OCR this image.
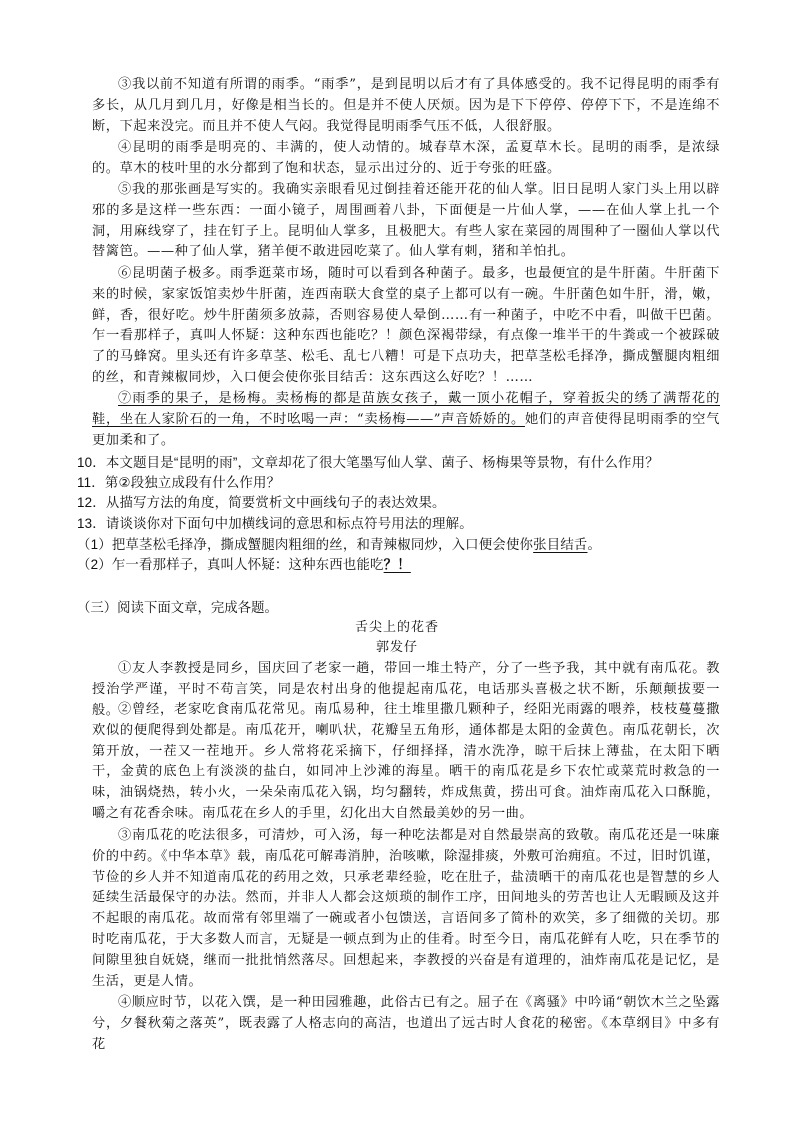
③我以前不知道有所谓的雨季。“雨季”，是到昆明以后才有了具体感受的。我不记得昆明的雨季有多长，从几月到几月，好像是相当长的。但是并不使人厌烦。因为是下下停停、停停下下，不是连绵不断，下起来没完。而且并不使人气闷。我觉得昆明雨季气压不低，人很舒服。
④昆明的雨季是明亮的、丰满的，使人动情的。城春草木深，孟夏草木长。昆明的雨季，是浓绿的。草木的枝叶里的水分都到了饱和状态，显示出过分的、近于夸张的旺盛。
⑤我的那张画是写实的。我确实亲眼看见过倒挂着还能开花的仙人掌。旧日昆明人家门头上用以辟邪的多是这样一些东西：一面小镜子，周围画着八卦，下面便是一片仙人掌，——在仙人掌上扎一个洞，用麻线穿了，挂在钉子上。昆明仙人掌多，且极肥大。有些人家在菜园的周围种了一圈仙人掌以代替篱笆。——种了仙人掌，猪羊便不敢进园吃菜了。仙人掌有刺，猪和羊怕扎。
⑥昆明菌子极多。雨季逛菜市场，随时可以看到各种菌子。最多，也最便宜的是牛肝菌。牛肝菌下来的时候，家家饭馆卖炒牛肝菌，连西南联大食堂的桌子上都可以有一碗。牛肝菌色如牛肝，滑，嫩，鲜，香，很好吃。炒牛肝菌须多放蒜，否则容易使人晕倒……有一种菌子，中吃不中看，叫做干巴菌。乍一看那样子，真叫人怀疑：这种东西也能吃？！颜色深褐带绿，有点像一堆半干的牛粪或一个被踩破了的马蜂窝。里头还有许多草茎、松毛、乱七八糟！可是下点功夫，把草茎松毛择净，撕成蟹腿肉粗细的丝，和青辣椒同炒，入口便会使你张目结舌：这东西这么好吃？！……
⑦雨季的果子，是杨梅。卖杨梅的都是苗族女孩子，戴一顶小花帽子，穿着扳尖的绣了满帮花的鞋，坐在人家阶石的一角，不时吆喝一声：“卖杨梅——”声音娇娇的。她们的声音使得昆明雨季的空气更加柔和了。
10．本文题目是“昆明的雨”，文章却花了很大笔墨写仙人掌、菌子、杨梅果等景物，有什么作用？
11．第②段独立成段有什么作用？
12．从描写方法的角度，简要赏析文中画线句子的表达效果。
13．请谈谈你对下面句中加横线词的意思和标点符号用法的理解。
（1）把草茎松毛择净，撕成蟹腿肉粗细的丝，和青辣椒同炒，入口便会使你张目结舌。
（2）乍一看那样子，真叫人怀疑：这种东西也能吃？！
（三）阅读下面文章，完成各题。
舌尖上的花香
郭发仔
①友人李教授是同乡，国庆回了老家一趟，带回一堆土特产，分了一些予我，其中就有南瓜花。教授治学严谨，平时不苟言笑，同是农村出身的他提起南瓜花，电话那头喜极之状不断，乐颠颠拔要一般。
②曾经，老家吃食南瓜花常见。南瓜易种，往土堆里撒几颗种子，经阳光雨露的喂养，枝枝蔓蔓撒欢似的便爬得到处都是。南瓜花开，喇叭状，花瓣呈五角形，通体都是太阳的金黄色。南瓜花朝长，次第开放，一茬又一茬地开。乡人常将花采摘下，仔细择择，清水洗净，晾干后抹上薄盐，在太阳下晒干，金黄的底色上有淡淡的盐白，如同冲上沙滩的海星。晒干的南瓜花是乡下农忙或菜荒时救急的一味，油锅烧热，转小火，一朵朵南瓜花入锅，均匀翻转，炸成焦黄，捞出可食。油炸南瓜花入口酥脆，嚼之有花香余味。南瓜花在乡人的手里，幻化出大自然最美妙的另一曲。
③南瓜花的吃法很多，可清炒，可入汤，每一种吃法都是对自然最崇高的致敬。南瓜花还是一味廉价的中药。《中华本草》载，南瓜花可解毒消肿，治咳嗽，除湿排痰，外敷可治痈疽。不过，旧时饥谨，节俭的乡人并不知道南瓜花的药用之效，只承老辈经验，吃在肚子，盐渍晒干的南瓜花也是智慧的乡人延续生活最保守的办法。然而，并非人人都会这烦琐的制作工序，田间地头的劳苦也让人无暇顾及这并不起眼的南瓜花。故而常有邻里端了一碗或者小包馈送，言语间多了简朴的欢笑，多了细微的关切。那时吃南瓜花，于大多数人而言，无疑是一顿点到为止的佳肴。时至今日，南瓜花鲜有人吃，只在季节的间隙里独自妩娆，继而一批批悄然落尽。回想起来，李教授的兴奋是有道理的，油炸南瓜花是记忆，是生活，更是人情。
④顺应时节，以花入馔，是一种田园雅趣，此俗古已有之。屈子在《离骚》中吟诵“朝饮木兰之坠露兮，夕餐秋菊之落英”，既表露了人格志向的高洁，也道出了远古时人食花的秘密。《本草纲目》中多有花
